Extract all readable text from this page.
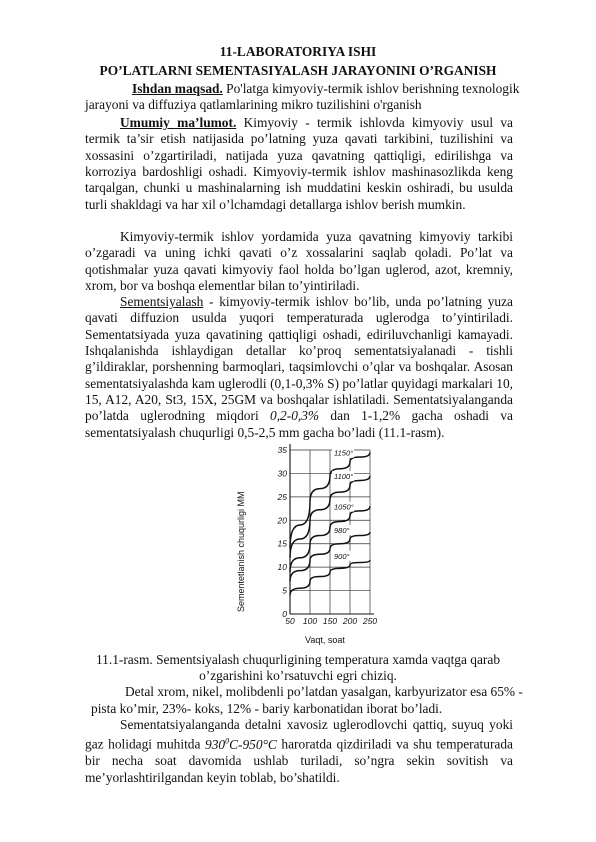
11-LABORATORIYA ISHI
PO’LATLARNI SEMENTASIYALASH JARAYONINI O’RGANISH
Ishdan maqsad. Po'latga kimyoviy-termik ishlov berishning texnologik
jarayoni va diffuziya qatlamlarining mikro tuzilishini o'rganish

Umumiy ma’lumot. Kimyoviy - termik ishlovda kimyoviy usul va termik ta’sir etish natijasida po’latning yuza qavati tarkibini, tuzilishini va xossasini o’zgartiriladi, natijada yuza qavatning qattiqligi, edirilishga va korroziya bardoshligi oshadi. Kimyoviy-termik ishlov mashinasozlikda keng tarqalgan, chunki u mashinalarning ish muddatini keskin oshiradi, bu usulda turli shakldagi va har xil o’lchamdagi detallarga ishlov berish mumkin.

Kimyoviy-termik ishlov yordamida yuza qavatning kimyoviy tarkibi o’zgaradi va uning ichki qavati o’z xossalarini saqlab qoladi. Po’lat va qotishmalar yuza qavati kimyoviy faol holda bo’lgan uglerod, azot, kremniy, xrom, bor va boshqa elementlar bilan to’yintiriladi.

Sementsiyalash - kimyoviy-termik ishlov bo’lib, unda po’latning yuza qavati diffuzion usulda yuqori temperaturada uglerodga to’yintiriladi. Sementatsiyada yuza qavatining qattiqligi oshadi, ediriluvchanligi kamayadi. Ishqalanishda ishlaydigan detallar ko’proq sementatsiyalanadi - tishli g’ildiraklar, porshenning barmoqlari, taqsimlovchi o’qlar va boshqalar. Asosan sementatsiyalashda kam uglerodli (0,1-0,3% S) po’latlar quyidagi markalari 10, 15, A12, A20, St3, 15X, 25GM va boshqalar ishlatiladi. Sementatsiyalanganda po’latda uglerodning miqdori 0,2-0,3% dan 1-1,2% gacha oshadi va sementatsiyalash chuqurligi 0,5-2,5 mm gacha bo’ladi (11.1-rasm).

0
5
10
15
20
25
30
35
50 100 150 200 250
1150°
1100°
1050°
980°
900°
Sementetlanish chuqurligi MM
Vaqt, soat
11.1-rasm. Sementsiyalash chuqurligining temperatura xamda vaqtga qarab
o’zgarishini ko’rsatuvchi egri chiziq.
Detal xrom, nikel, molibdenli po’latdan yasalgan, karbyurizator esa 65% -
pista ko’mir, 23%- koks, 12% - bariy karbonatidan iborat bo’ladi.

Sementatsiyalanganda detalni xavosiz uglerodlovchi qattiq, suyuq yoki gaz holidagi muhitda $930^0C-950^\circ C$ haroratda qizdiriladi va shu temperaturada bir necha soat davomida ushlab turiladi, so’ngra sekin sovitish va me’yorlashtirilgandan keyin toblab, bo’shatildi.
